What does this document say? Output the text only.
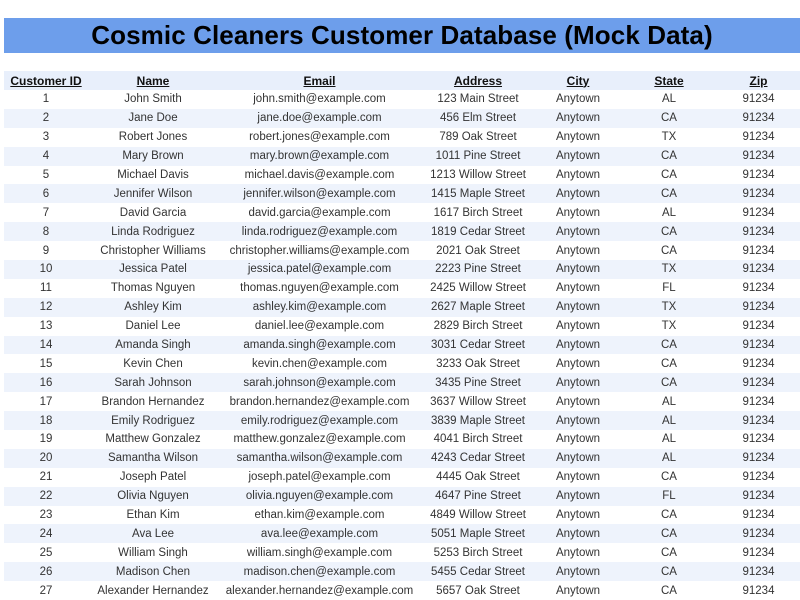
Cosmic Cleaners Customer Database (Mock Data)
Customer ID	Name	Email	Address	City	State	Zip
1	John Smith	john.smith@example.com	123 Main Street	Anytown	AL	91234
2	Jane Doe	jane.doe@example.com	456 Elm Street	Anytown	CA	91234
3	Robert Jones	robert.jones@example.com	789 Oak Street	Anytown	TX	91234
4	Mary Brown	mary.brown@example.com	1011 Pine Street	Anytown	CA	91234
5	Michael Davis	michael.davis@example.com	1213 Willow Street	Anytown	CA	91234
6	Jennifer Wilson	jennifer.wilson@example.com	1415 Maple Street	Anytown	CA	91234
7	David Garcia	david.garcia@example.com	1617 Birch Street	Anytown	AL	91234
8	Linda Rodriguez	linda.rodriguez@example.com	1819 Cedar Street	Anytown	CA	91234
9	Christopher Williams	christopher.williams@example.com	2021 Oak Street	Anytown	CA	91234
10	Jessica Patel	jessica.patel@example.com	2223 Pine Street	Anytown	TX	91234
11	Thomas Nguyen	thomas.nguyen@example.com	2425 Willow Street	Anytown	FL	91234
12	Ashley Kim	ashley.kim@example.com	2627 Maple Street	Anytown	TX	91234
13	Daniel Lee	daniel.lee@example.com	2829 Birch Street	Anytown	TX	91234
14	Amanda Singh	amanda.singh@example.com	3031 Cedar Street	Anytown	CA	91234
15	Kevin Chen	kevin.chen@example.com	3233 Oak Street	Anytown	CA	91234
16	Sarah Johnson	sarah.johnson@example.com	3435 Pine Street	Anytown	CA	91234
17	Brandon Hernandez	brandon.hernandez@example.com	3637 Willow Street	Anytown	AL	91234
18	Emily Rodriguez	emily.rodriguez@example.com	3839 Maple Street	Anytown	AL	91234
19	Matthew Gonzalez	matthew.gonzalez@example.com	4041 Birch Street	Anytown	AL	91234
20	Samantha Wilson	samantha.wilson@example.com	4243 Cedar Street	Anytown	AL	91234
21	Joseph Patel	joseph.patel@example.com	4445 Oak Street	Anytown	CA	91234
22	Olivia Nguyen	olivia.nguyen@example.com	4647 Pine Street	Anytown	FL	91234
23	Ethan Kim	ethan.kim@example.com	4849 Willow Street	Anytown	CA	91234
24	Ava Lee	ava.lee@example.com	5051 Maple Street	Anytown	CA	91234
25	William Singh	william.singh@example.com	5253 Birch Street	Anytown	CA	91234
26	Madison Chen	madison.chen@example.com	5455 Cedar Street	Anytown	CA	91234
27	Alexander Hernandez	alexander.hernandez@example.com	5657 Oak Street	Anytown	CA	91234
